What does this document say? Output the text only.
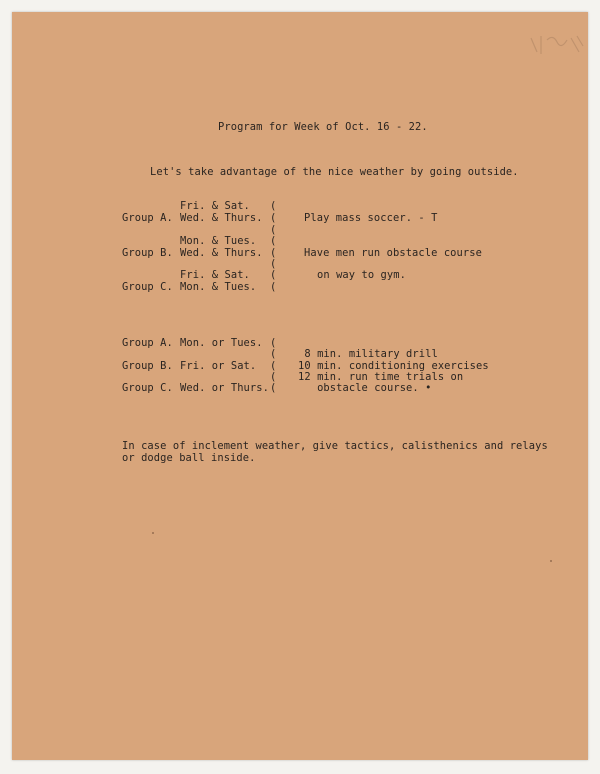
Program for Week of Oct. 16 - 22.
Let's take advantage of the nice weather by going outside.
Fri. & Sat.
Group A. Wed. & Thurs.
Mon. & Tues.
Group B. Wed. & Thurs.
Fri. & Sat.
Group C. Mon. & Tues.
(
(
(
(
(
(
(
(
Play mass soccer. - T
Have men run obstacle course
on way to gym.
Group A. Mon. or Tues.
Group B. Fri. or Sat.
Group C. Wed. or Thurs.
(
(
(
(
(
8 min. military drill
10 min. conditioning exercises
12 min. run time trials on
obstacle course. •
In case of inclement weather, give tactics, calisthenics and relays
or dodge ball inside.
